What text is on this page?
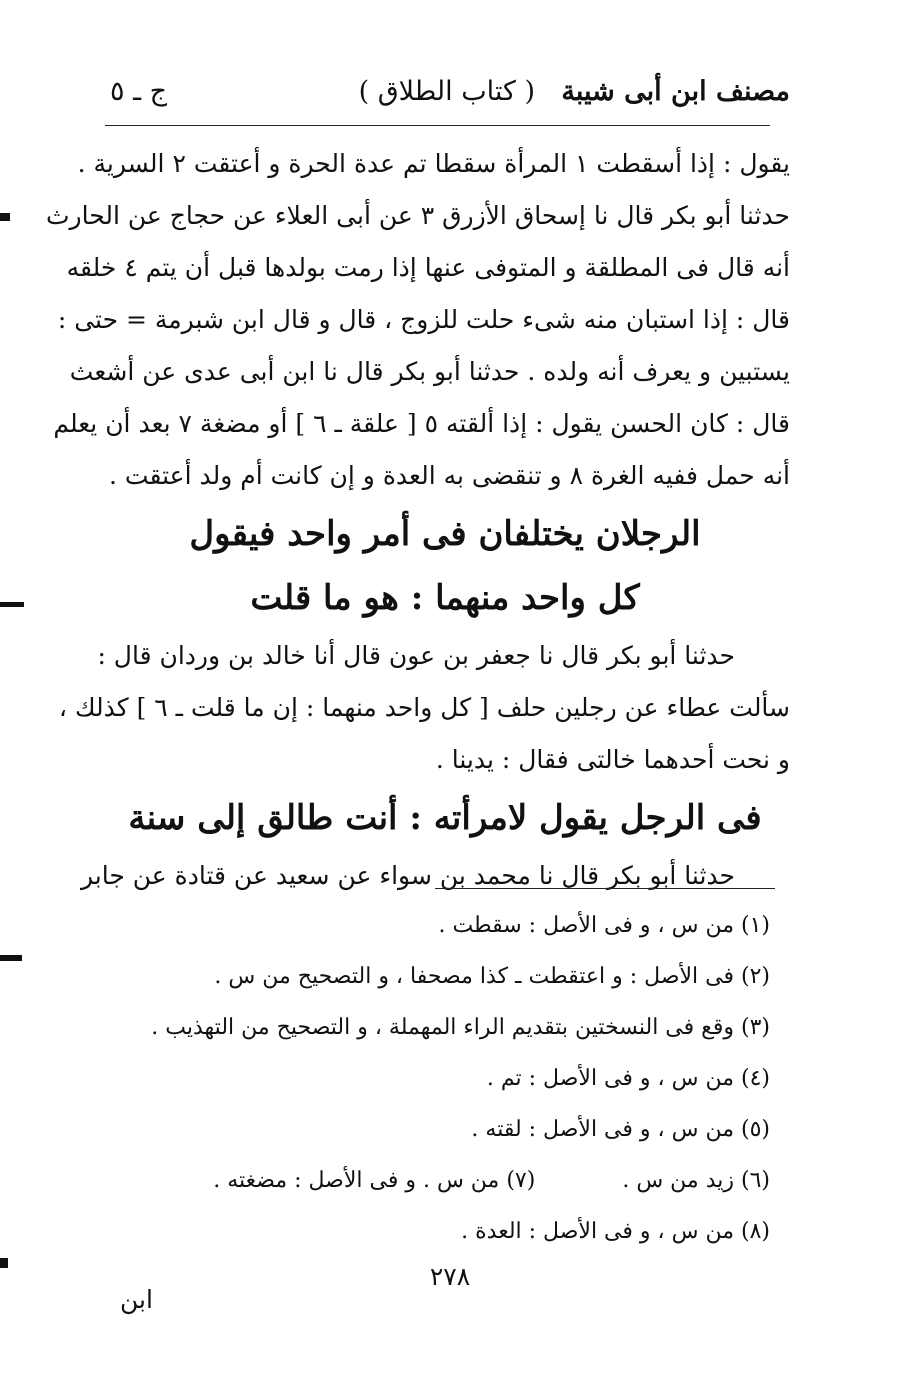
مصنف ابن أبى شيبة
( كتاب الطلاق )
ج ـ ٥
يقول : إذا أسقطت ١ المرأة سقطا تم عدة الحرة و أعتقت ٢ السرية .
حدثنا أبو بكر قال نا إسحاق الأزرق ٣ عن أبى العلاء عن حجاج عن الحارث
أنه قال فى المطلقة و المتوفى عنها إذا رمت بولدها قبل أن يتم ٤ خلقه
قال : إذا استبان منه شىء حلت للزوج ، قال و قال ابن شبرمة = حتى :
يستبين و يعرف أنه ولده . حدثنا أبو بكر قال نا ابن أبى عدى عن أشعث
قال : كان الحسن يقول : إذا ألقته ٥ [ علقة ـ ٦ ] أو مضغة ٧ بعد أن يعلم
أنه حمل ففيه الغرة ٨ و تنقضى به العدة و إن كانت أم ولد أعتقت .
الرجلان يختلفان فى أمر واحد فيقول
كل واحد منهما : هو ما قلت
حدثنا أبو بكر قال نا جعفر بن عون قال أنا خالد بن وردان قال :
سألت عطاء عن رجلين حلف [ كل واحد منهما : إن ما قلت ـ ٦ ] كذلك ،
و نحت أحدهما خالتى فقال : يدينا .
فى الرجل يقول لامرأته : أنت طالق إلى سنة
حدثنا أبو بكر قال نا محمد بن سواء عن سعيد عن قتادة عن جابر
(١) من س ، و فى الأصل : سقطت .
(٢) فى الأصل : و اعتقطت ـ كذا مصحفا ، و التصحيح من س .
(٣) وقع فى النسختين بتقديم الراء المهملة ، و التصحيح من التهذيب .
(٤) من س ، و فى الأصل : تم .
(٥) من س ، و فى الأصل : لقته .
(٦) زيد من س . (٧) من س . و فى الأصل : مضغته .
(٨) من س ، و فى الأصل : العدة .
٢٧٨
ابن
